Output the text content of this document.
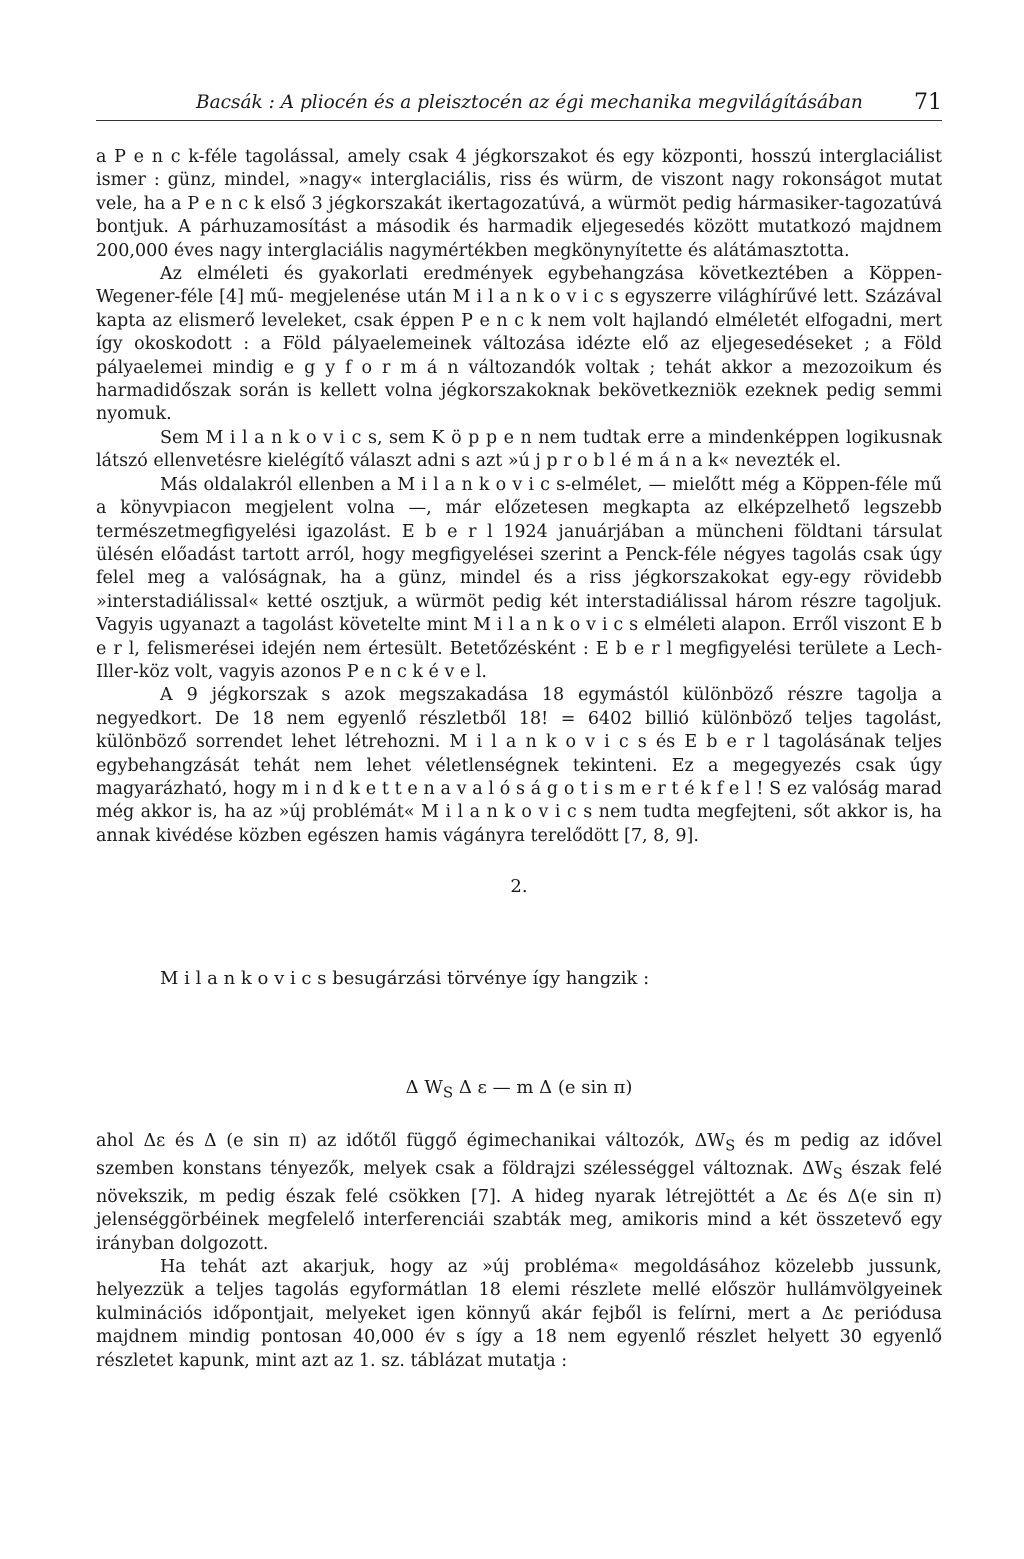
Bacsák : A pliocén és a pleisztocén az égi mechanika megvilágításában 71

a P e n c k-féle tagolással, amely csak 4 jégkorszakot és egy központi, hosszú interglaciálist ismer : günz, mindel, »nagy« interglaciális, riss és würm, de viszont nagy rokonságot mutat vele, ha a P e n c k első 3 jégkorszakát ikertagozatúvá, a würmöt pedig hármasiker-tagozatúvá bontjuk. A párhuzamosítást a második és harmadik eljegesedés között mutatkozó majdnem 200,000 éves nagy interglaciális nagymértékben megkönynyítette és alátámasztotta.

Az elméleti és gyakorlati eredmények egybehangzása következtében a Köppen-Wegener-féle [4] mű- megjelenése után M i l a n k o v i c s egyszerre világhírűvé lett. Százával kapta az elismerő leveleket, csak éppen P e n c k nem volt hajlandó elméletét elfogadni, mert így okoskodott : a Föld pályaelemeinek változása idézte elő az eljegesedéseket ; a Föld pályaelemei mindig e g y f o r m á n változandók voltak ; tehát akkor a mezozoikum és harmadidőszak során is kellett volna jégkorszakoknak bekövetkezniök ezeknek pedig semmi nyomuk.

Sem M i l a n k o v i c s, sem K ö p p e n nem tudtak erre a mindenképpen logikusnak látszó ellenvetésre kielégítő választ adni s azt »ú j p r o b l é m á n a k« nevezték el.

Más oldalakról ellenben a M i l a n k o v i c s-elmélet, — mielőtt még a Köppen-féle mű a könyvpiacon megjelent volna —, már előzetesen megkapta az elképzelhető legszebb természetmegfigyelési igazolást. E b e r l 1924 januárjában a müncheni földtani társulat ülésén előadást tartott arról, hogy megfigyelései szerint a Penck-féle négyes tagolás csak úgy felel meg a valóságnak, ha a günz, mindel és a riss jégkorszakokat egy-egy rövidebb »interstadiálissal« ketté osztjuk, a würmöt pedig két interstadiálissal három részre tagoljuk. Vagyis ugyanazt a tagolást követelte mint M i l a n k o v i c s elméleti alapon. Erről viszont E b e r l, felismerései idején nem értesült. Betetőzésként : E b e r l megfigyelési területe a Lech-Iller-köz volt, vagyis azonos P e n c k é v e l.

A 9 jégkorszak s azok megszakadása 18 egymástól különböző részre tagolja a negyedkort. De 18 nem egyenlő részletből 18! = 6402 billió különböző teljes tagolást, különböző sorrendet lehet létrehozni. M i l a n k o v i c s és E b e r l tagolásának teljes egybehangzását tehát nem lehet véletlenségnek tekinteni. Ez a megegyezés csak úgy magyarázható, hogy m i n d k e t t e n a v a l ó s á g o t i s m e r t é k f e l ! S ez valóság marad még akkor is, ha az »új problémát« M i l a n k o v i c s nem tudta megfejteni, sőt akkor is, ha annak kivédése közben egészen hamis vágányra terelődött [7, 8, 9].

2.
M i l a n k o v i c s besugárzási törvénye így hangzik :
Δ $W_S$ Δ ε — m Δ (e sin π)

ahol Δε és Δ (e sin π) az időtől függő égimechanikai változók, $\Delta W_S$ és m pedig az idővel szemben konstans tényezők, melyek csak a földrajzi szélességgel változnak. $\Delta W_S$ észak felé növekszik, m pedig észak felé csökken [7]. A hideg nyarak létrejöttét a Δε és Δ(e sin π) jelenséggörbéinek megfelelő interferenciái szabták meg, amikoris mind a két összetevő egy irányban dolgozott.

Ha tehát azt akarjuk, hogy az »új probléma« megoldásához közelebb jussunk, helyezzük a teljes tagolás egyformátlan 18 elemi részlete mellé először hullámvölgyeinek kulminációs időpontjait, melyeket igen könnyű akár fejből is felírni, mert a Δε periódusa majdnem mindig pontosan 40,000 év s így a 18 nem egyenlő részlet helyett 30 egyenlő részletet kapunk, mint azt az 1. sz. táblázat mutatja :
